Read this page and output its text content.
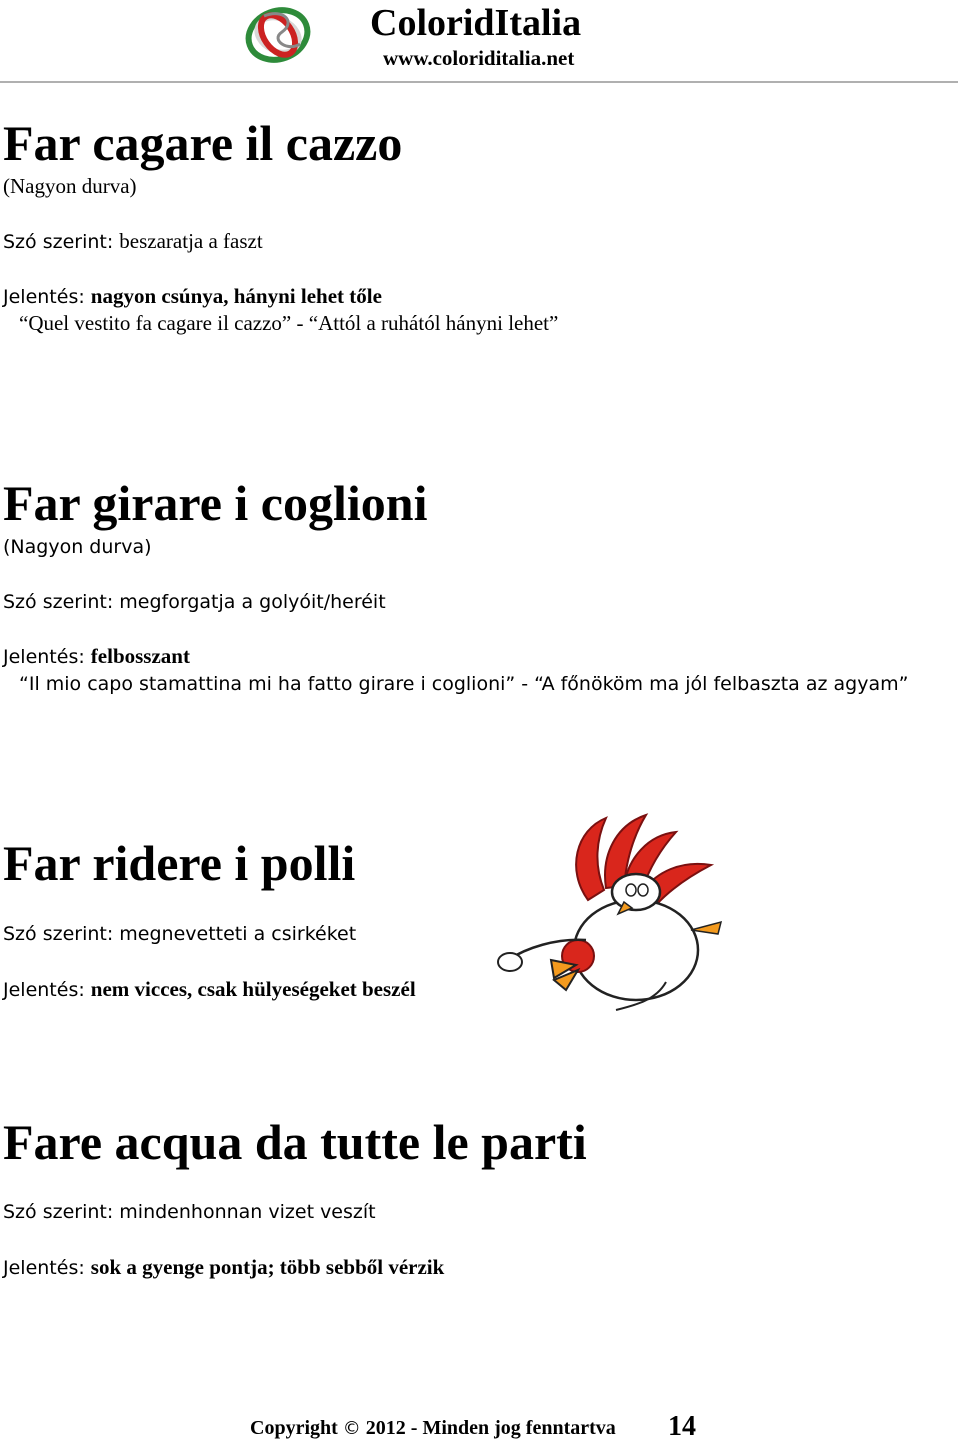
ColoridItalia
www.coloriditalia.net
Far cagare il cazzo

(Nagyon durva)

Szó szerint: beszaratja a faszt

Jelentés: nagyon csúnya, hányni lehet tőle

“Quel vestito fa cagare il cazzo” - “Attól a ruhától hányni lehet”

Far girare i coglioni

(Nagyon durva)

Szó szerint: megforgatja a golyóit/heréit

Jelentés: felbosszant

“Il mio capo stamattina mi ha fatto girare i coglioni” - “A főnököm ma jól felbaszta az agyam”

Far ridere i polli

Szó szerint: megnevetteti a csirkéket

Jelentés: nem vicces, csak hülyeségeket beszél

Fare acqua da tutte le parti

Szó szerint: mindenhonnan vizet veszít

Jelentés: sok a gyenge pontja; több sebből vérzik

Copyright © 2012 - Minden jog fenntartva 14
